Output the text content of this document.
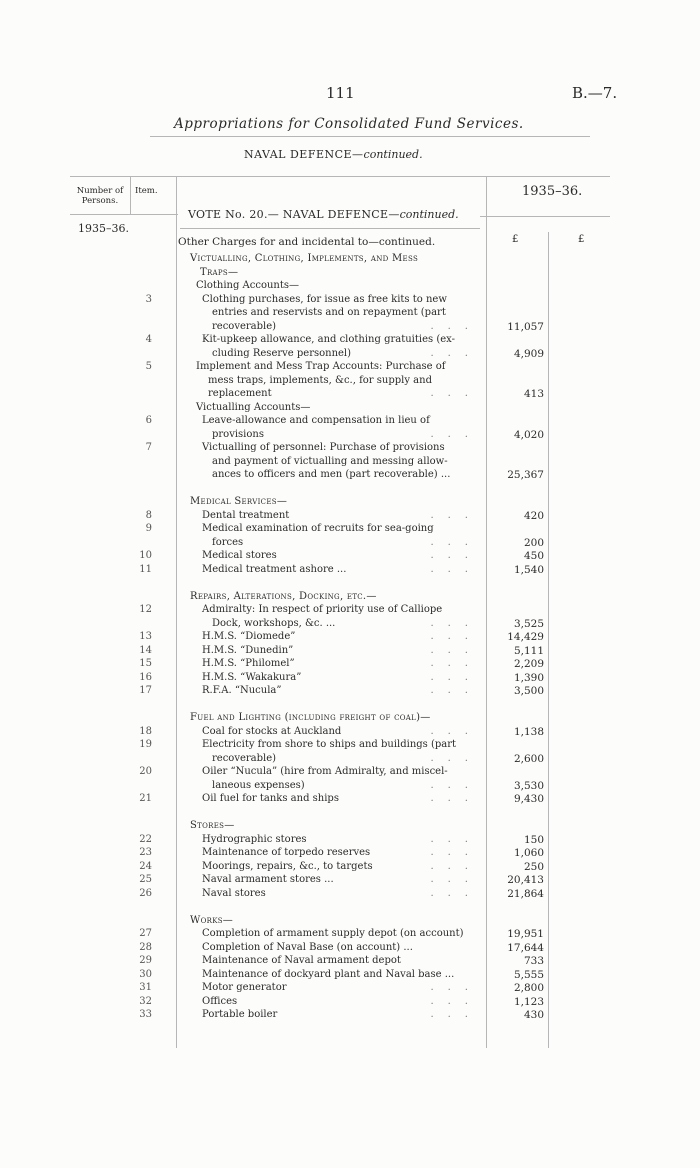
111	B.—7.
Appropriations for Consolidated Fund Services.
NAVAL DEFENCE—continued.
Number of Persons.
Item.	1935–36.
1935–36.
VOTE No. 20.— NAVAL DEFENCE—continued.
Other Charges for and incidental to—continued.	£	£
Victualling, Clothing, Implements, and Mess
Traps—
Clothing Accounts—
3	Clothing purchases, for issue as free kits to new
entries and reservists and on repayment (part
recoverable)	... 11,057
4	Kit-upkeep allowance, and clothing gratuities (ex-
cluding Reserve personnel)	...	4,909
5	Implement and Mess Trap Accounts: Purchase of
mess traps, implements, &c., for supply and
replacement	...	413
Victualling Accounts—
6	Leave-allowance and compensation in lieu of
provisions	...	4,020
7	Victualling of personnel: Purchase of provisions
and payment of victualling and messing allow-
ances to officers and men (part recoverable) ...	25,367
Medical Services—
8	Dental treatment	...	420
9	Medical examination of recruits for sea-going
forces	...	200
10	Medical stores	...	450
11	Medical treatment ashore ...	...	1,540
Repairs, Alterations, Docking, etc.—
12	Admiralty: In respect of priority use of Calliope
Dock, workshops, &c. ...	...	3,525
13	H.M.S. “Diomede”	... 14,429
14	H.M.S. “Dunedin”	...	5,111
15	H.M.S. “Philomel”	...	2,209
16	H.M.S. “Wakakura”	...	1,390
17	R.F.A. “Nucula”	...	3,500
Fuel and Lighting (including freight of coal)—
18	Coal for stocks at Auckland	...	1,138
19	Electricity from shore to ships and buildings (part
recoverable)	...	2,600
20	Oiler “Nucula” (hire from Admiralty, and miscel-
laneous expenses)	...	3,530
21	Oil fuel for tanks and ships	...	9,430
Stores—
22	Hydrographic stores	...	150
23	Maintenance of torpedo reserves	...	1,060
24	Moorings, repairs, &c., to targets	...	250
25	Naval armament stores ...	... 20,413
26	Naval stores	... 21,864
Works—
27	Completion of armament supply depot (on account)	19,951
28	Completion of Naval Base (on account) ...	17,644
29	Maintenance of Naval armament depot	733
30	Maintenance of dockyard plant and Naval base ...	5,555
31	Motor generator	...	2,800
32	Offices	...	1,123
33	Portable boiler	...	430
